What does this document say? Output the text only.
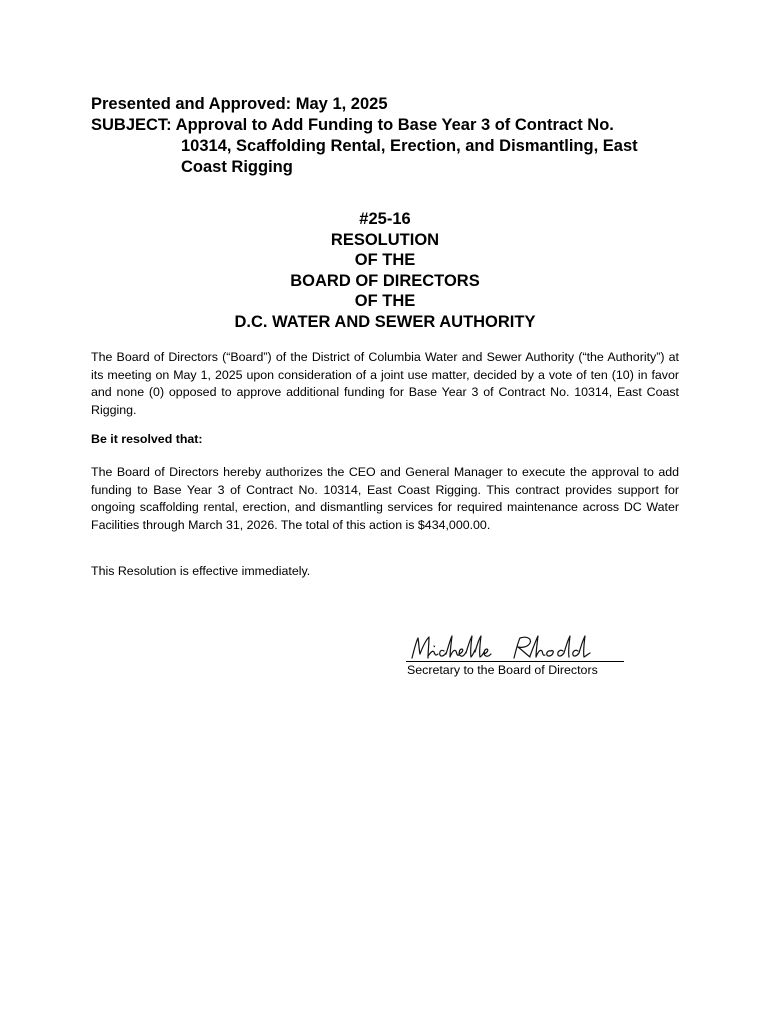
Presented and Approved: May 1, 2025
SUBJECT: Approval to Add Funding to Base Year 3 of Contract No.
10314, Scaffolding Rental, Erection, and Dismantling, East
Coast Rigging
#25-16
RESOLUTION
OF THE
BOARD OF DIRECTORS
OF THE
D.C. WATER AND SEWER AUTHORITY
The Board of Directors (“Board”) of the District of Columbia Water and Sewer Authority (“the Authority”) at its meeting on May 1, 2025 upon consideration of a joint use matter, decided by a vote of ten (10) in favor and none (0) opposed to approve additional funding for Base Year 3 of Contract No. 10314, East Coast Rigging.
Be it resolved that:
The Board of Directors hereby authorizes the CEO and General Manager to execute the approval to add funding to Base Year 3 of Contract No. 10314, East Coast Rigging. This contract provides support for ongoing scaffolding rental, erection, and dismantling services for required maintenance across DC Water Facilities through March 31, 2026. The total of this action is $434,000.00.
This Resolution is effective immediately.
Secretary to the Board of Directors
